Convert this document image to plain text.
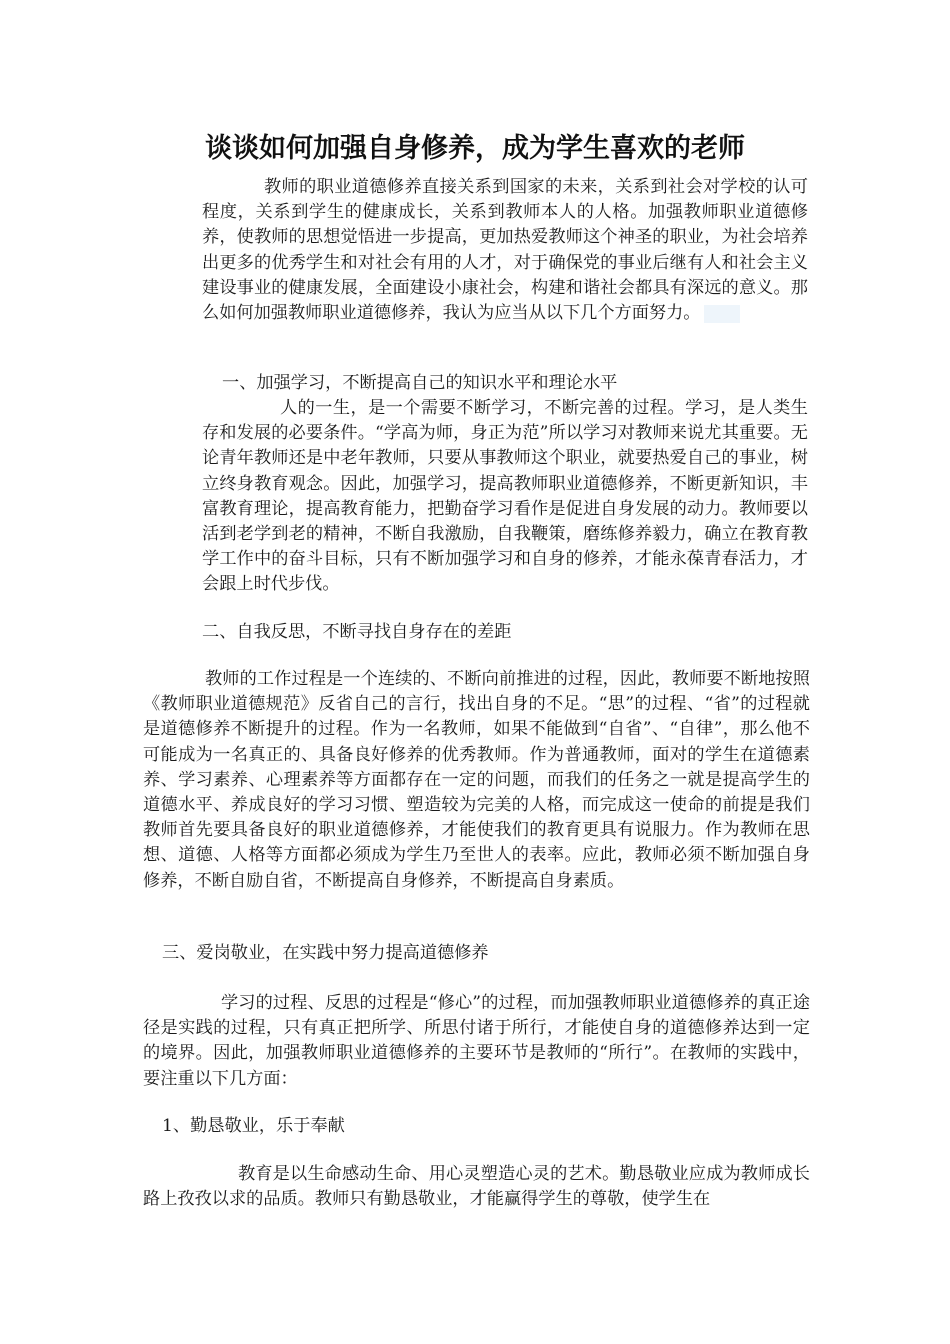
谈谈如何加强自身修养，成为学生喜欢的老师

教师的职业道德修养直接关系到国家的未来，关系到社会对学校的认可程度，关系到学生的健康成长，关系到教师本人的人格。加强教师职业道德修养，使教师的思想觉悟进一步提高，更加热爱教师这个神圣的职业，为社会培养出更多的优秀学生和对社会有用的人才，对于确保党的事业后继有人和社会主义建设事业的健康发展，全面建设小康社会，构建和谐社会都具有深远的意义。那么如何加强教师职业道德修养，我认为应当从以下几个方面努力。

一、加强学习，不断提高自己的知识水平和理论水平

人的一生，是一个需要不断学习，不断完善的过程。学习，是人类生存和发展的必要条件。“学高为师，身正为范”所以学习对教师来说尤其重要。无论青年教师还是中老年教师，只要从事教师这个职业，就要热爱自己的事业，树立终身教育观念。因此，加强学习，提高教师职业道德修养，不断更新知识，丰富教育理论，提高教育能力，把勤奋学习看作是促进自身发展的动力。教师要以活到老学到老的精神，不断自我激励，自我鞭策，磨练修养毅力，确立在教育教学工作中的奋斗目标，只有不断加强学习和自身的修养，才能永葆青春活力，才会跟上时代步伐。

二、自我反思，不断寻找自身存在的差距

教师的工作过程是一个连续的、不断向前推进的过程，因此，教师要不断地按照《教师职业道德规范》反省自己的言行，找出自身的不足。“思”的过程、“省”的过程就是道德修养不断提升的过程。作为一名教师，如果不能做到“自省”、“自律”，那么他不可能成为一名真正的、具备良好修养的优秀教师。作为普通教师，面对的学生在道德素养、学习素养、心理素养等方面都存在一定的问题，而我们的任务之一就是提高学生的道德水平、养成良好的学习习惯、塑造较为完美的人格，而完成这一使命的前提是我们教师首先要具备良好的职业道德修养，才能使我们的教育更具有说服力。作为教师在思想、道德、人格等方面都必须成为学生乃至世人的表率。应此，教师必须不断加强自身修养，不断自励自省，不断提高自身修养，不断提高自身素质。

三、爱岗敬业，在实践中努力提高道德修养

学习的过程、反思的过程是“修心”的过程，而加强教师职业道德修养的真正途径是实践的过程，只有真正把所学、所思付诸于所行，才能使自身的道德修养达到一定的境界。因此，加强教师职业道德修养的主要环节是教师的“所行”。在教师的实践中，要注重以下几方面：

1、勤恳敬业，乐于奉献

教育是以生命感动生命、用心灵塑造心灵的艺术。勤恳敬业应成为教师成长路上孜孜以求的品质。教师只有勤恳敬业，才能赢得学生的尊敬，使学生在
